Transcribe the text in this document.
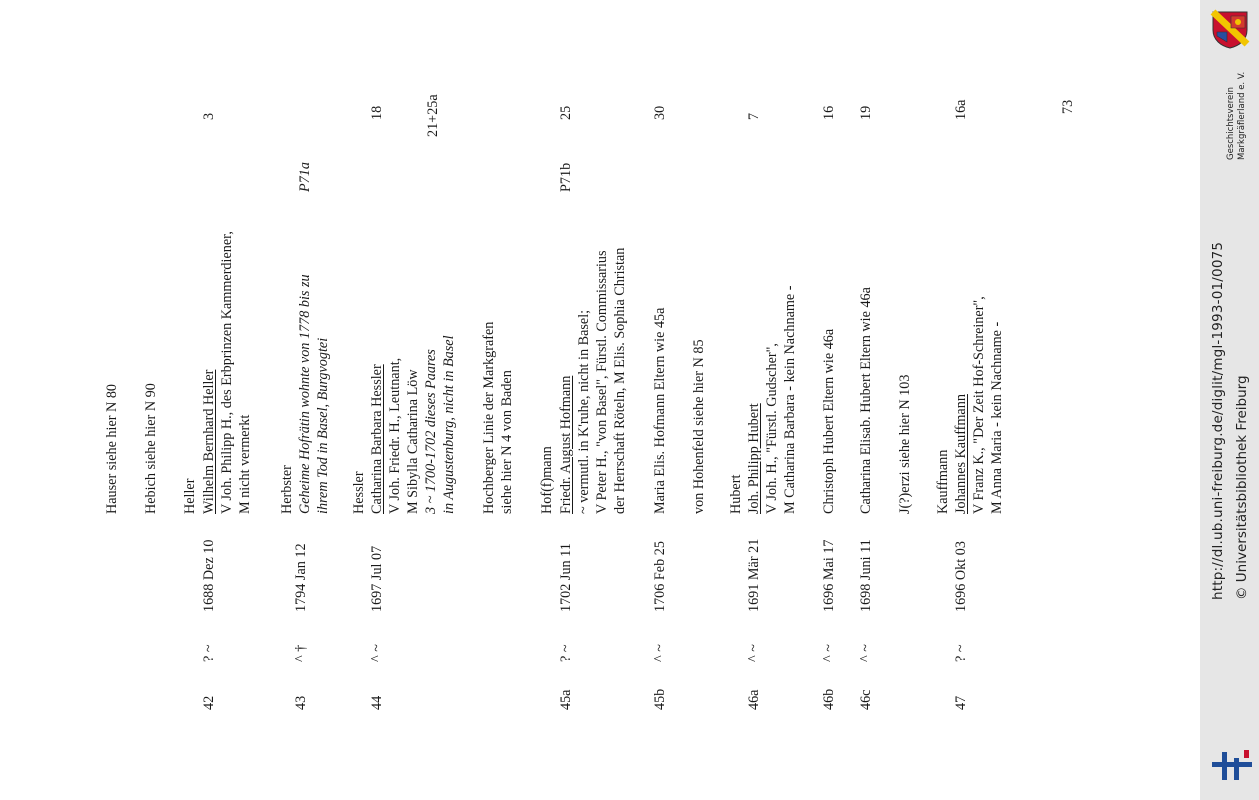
Hauser siehe hier N 80 Hebich siehe hier N 90
42
? ~
1688 Dez 10
Heller Wilhelm Bernhard Heller V Joh. Philipp H., des Erbprinzen Kammerdiener, M nicht vermerkt
3
43
^ †
1794 Jan 12
Herbster Geheime Hofrätin wohnte von 1778 bis zu ihrem Tod in Basel, Burgvogtei
P71a
44
^ ~
1697 Jul 07
Hessler Catharina Barbara Hessler V Joh. Friedr. H., Leutnant, M Sibylla Catharina Löw 3 ~ 1700-1702 dieses Paares in Augustenburg, nicht in Basel
18	21+25a
Hochberger Linie der Markgrafen siehe hier N 4 von Baden
45a
? ~
1702 Jun 11
Hof(f)mann Friedr. August Hofmann ~ vermutl. in K'ruhe, nicht in Basel; V Peter H., "von Basel", Fürstl. Commissarius der Herrschaft Röteln, M Elis. Sophia Christan
P71b
25
45b
^ ~
1706 Feb 25
Maria Elis. Hofmann Eltern wie 45a
30
von Hohenfeld siehe hier N 85
46a
^ ~
1691 Mär 21
Hubert Joh. Philipp Hubert V Joh. H., "Fürstl. Gudscher", M Catharina Barbara - kein Nachname -
7
46b
^ ~
1696 Mai 17
Christoph Hubert Eltern wie 46a
16
46c
^ ~
1698 Juni 11
Catharina Elisab. Hubert Eltern wie 46a
19
J(?)erzi siehe hier N 103
47
? ~
1696 Okt 03
Kauffmann Johannes Kauffmann V Franz K., "Der Zeit Hof-Schreiner", M Anna Maria - kein Nachname -
16a	73
http://dl.ub.uni-freiburg.de/diglit/mgl-1993-01/0075 © Universitätsbibliothek Freiburg
Geschichtsverein Markgräflerland e. V.
